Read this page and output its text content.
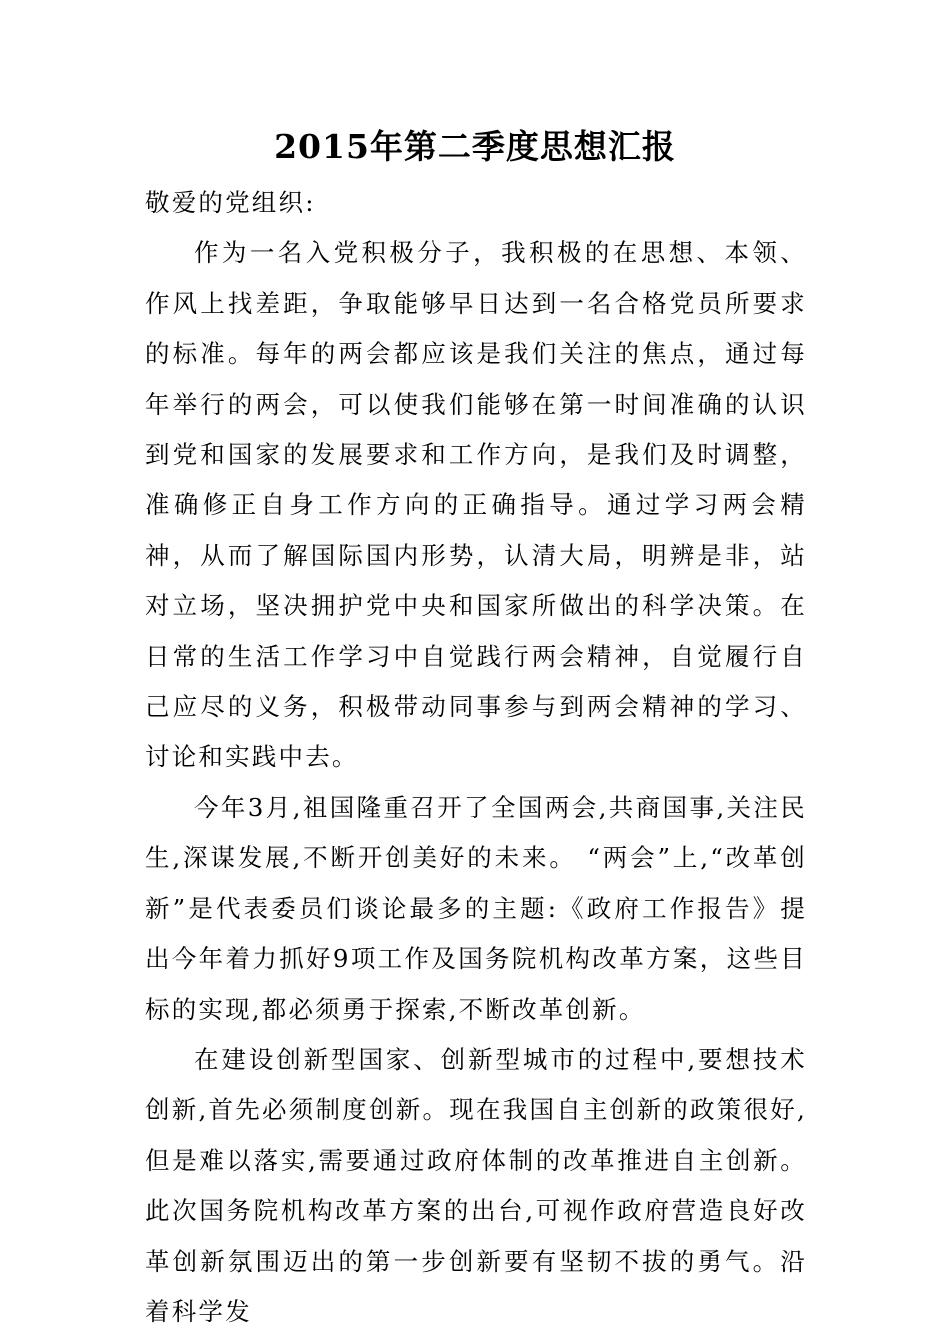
2015年第二季度思想汇报

敬爱的党组织:

作为一名入党积极分子，我积极的在思想、本领、作风上找差距，争取能够早日达到一名合格党员所要求的标准。每年的两会都应该是我们关注的焦点，通过每年举行的两会，可以使我们能够在第一时间准确的认识到党和国家的发展要求和工作方向，是我们及时调整，准确修正自身工作方向的正确指导。通过学习两会精神，从而了解国际国内形势，认清大局，明辨是非，站对立场，坚决拥护党中央和国家所做出的科学决策。在日常的生活工作学习中自觉践行两会精神，自觉履行自己应尽的义务，积极带动同事参与到两会精神的学习、讨论和实践中去。

今年3月,祖国隆重召开了全国两会,共商国事,关注民生,深谋发展,不断开创美好的未来。 “两会”上,“改革创新”是代表委员们谈论最多的主题:《政府工作报告》提出今年着力抓好9项工作及国务院机构改革方案，这些目标的实现,都必须勇于探索,不断改革创新。

在建设创新型国家、创新型城市的过程中,要想技术创新,首先必须制度创新。现在我国自主创新的政策很好,但是难以落实,需要通过政府体制的改革推进自主创新。此次国务院机构改革方案的出台,可视作政府营造良好改革创新氛围迈出的第一步创新要有坚韧不拔的勇气。沿着科学发
